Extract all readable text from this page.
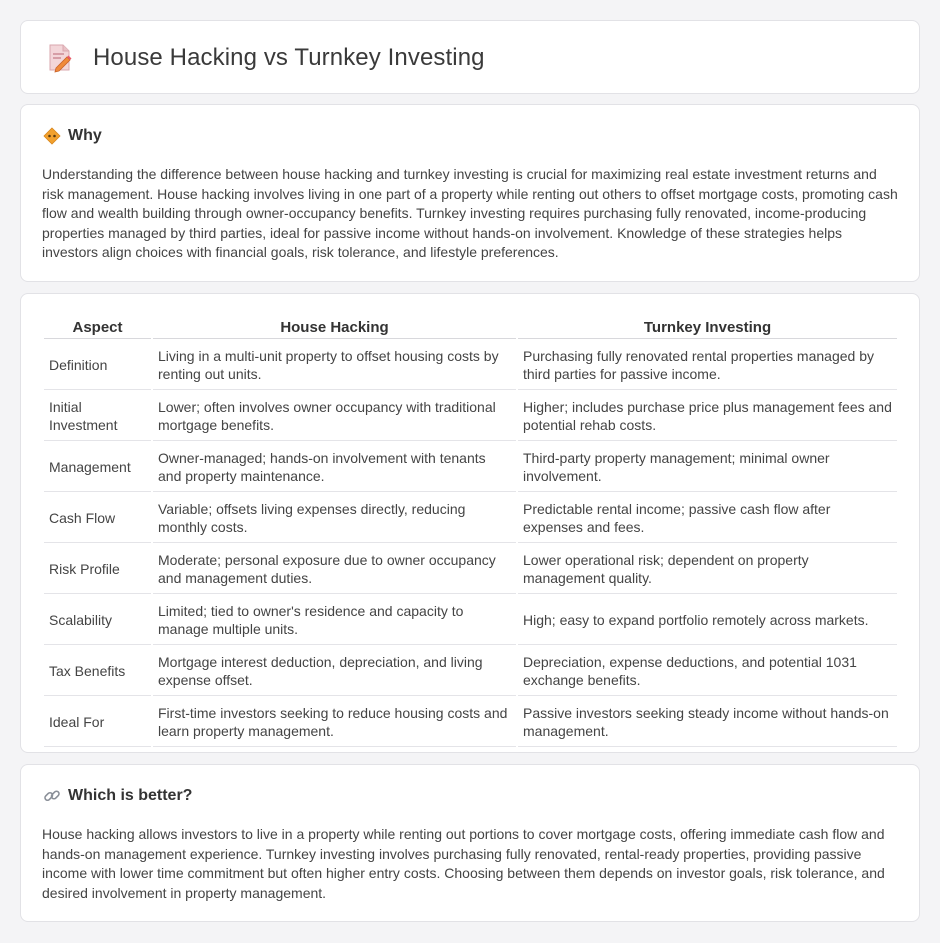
House Hacking vs Turnkey Investing
Why

Understanding the difference between house hacking and turnkey investing is crucial for maximizing real estate investment returns and risk management. House hacking involves living in one part of a property while renting out others to offset mortgage costs, promoting cash flow and wealth building through owner-occupancy benefits. Turnkey investing requires purchasing fully renovated, income-producing properties managed by third parties, ideal for passive income without hands-on involvement. Knowledge of these strategies helps investors align choices with financial goals, risk tolerance, and lifestyle preferences.

Aspect	House Hacking	Turnkey Investing
Definition	Living in a multi-unit property to offset housing costs by renting out units.	Purchasing fully renovated rental properties managed by third parties for passive income.
Initial Investment	Lower; often involves owner occupancy with traditional mortgage benefits.	Higher; includes purchase price plus management fees and potential rehab costs.
Management	Owner-managed; hands-on involvement with tenants and property maintenance.	Third-party property management; minimal owner involvement.
Cash Flow	Variable; offsets living expenses directly, reducing monthly costs.	Predictable rental income; passive cash flow after expenses and fees.
Risk Profile	Moderate; personal exposure due to owner occupancy and management duties.	Lower operational risk; dependent on property management quality.
Scalability	Limited; tied to owner's residence and capacity to manage multiple units.	High; easy to expand portfolio remotely across markets.
Tax Benefits	Mortgage interest deduction, depreciation, and living expense offset.	Depreciation, expense deductions, and potential 1031 exchange benefits.
Ideal For	First-time investors seeking to reduce housing costs and learn property management.	Passive investors seeking steady income without hands-on management.
Which is better?

House hacking allows investors to live in a property while renting out portions to cover mortgage costs, offering immediate cash flow and hands-on management experience. Turnkey investing involves purchasing fully renovated, rental-ready properties, providing passive income with lower time commitment but often higher entry costs. Choosing between them depends on investor goals, risk tolerance, and desired involvement in property management.
